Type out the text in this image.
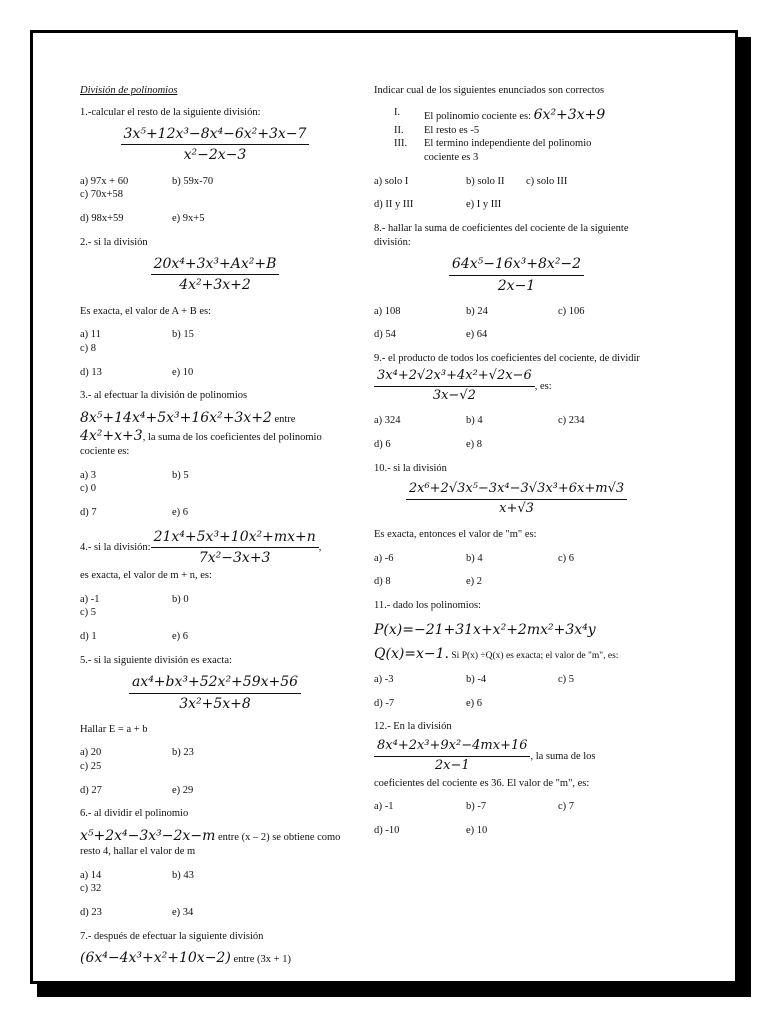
División de polinomios
1.-calcular el resto de la siguiente división:
$\frac{\text{3x⁵+12x³−8x⁴−6x²+3x−7}}{\text{x²−2x−3}}$
a) 97x + 60	b) 59x-70
c) 70x+58
d) 98x+59	e) 9x+5
2.- si la división
$\frac{\text{20x⁴+3x³+Ax²+B}}{\text{4x²+3x+2}}$
Es exacta, el valor de A + B es:
a) 11	b) 15
c) 8
d) 13	e) 10
3.- al efectuar la división de polinomios
8x⁵+14x⁴+5x³+16x²+3x+2 entre
4x²+x+3, la suma de los coeficientes del polinomio cociente es:
a) 3	b) 5
c) 0
d) 7	e) 6
4.- si la división: $\frac{\text{21x⁴+5x³+10x²+mx+n}}{\text{7x²−3x+3}}$ ,
es exacta, el valor de m + n, es:
a) -1	b) 0
c) 5
d) 1	e) 6
5.- si la siguiente división es exacta:
$\frac{\text{ax⁴+bx³+52x²+59x+56}}{\text{3x²+5x+8}}$
Hallar E = a + b
a) 20	b) 23
c) 25
d) 27	e) 29
6.- al dividir el polinomio
x⁵+2x⁴−3x³−2x−m entre (x – 2) se obtiene como resto 4, hallar el valor de m
a) 14	b) 43
c) 32
d) 23	e) 34
7.- después de efectuar la siguiente división
(6x⁴−4x³+x²+10x−2) entre (3x + 1)
Indicar cual de los siguientes enunciados son correctos
I.	El polinomio cociente es: 6x²+3x+9
II.	El resto es -5
III.	El termino independiente del polinomio cociente es 3
a) solo I	b) solo II	c) solo III
d) II y III	e) I y III
8.- hallar la suma de coeficientes del cociente de la siguiente división:
$\frac{\text{64x⁵−16x³+8x²−2}}{2x-1}$
a) 108	b) 24	c) 106
d) 54	e) 64
9.- el producto de todos los coeficientes del cociente, de dividir
$\frac{\text{3x⁴+2√2x³+4x²+√2x−6}}{3x-√2}$ , es:
a) 324	b) 4	c) 234
d) 6	e) 8
10.- si la división
$\frac{\text{2x⁶+2√3x⁵−3x⁴−3√3x³+6x+m√3}}{x+√3}$
Es exacta, entonces el valor de "m" es:
a) -6	b) 4	c) 6
d) 8	e) 2
11.- dado los polinomios:
P(x)=−21+31x+x²+2mx²+3x⁴y
Q(x)=x−1. Si P(x) ÷Q(x) es exacta; el valor de "m", es:
a) -3	b) -4	c) 5
d) -7	e) 6
12.- En la división
$\frac{\text{8x⁴+2x³+9x²−4mx+16}}{2x-1}$ , la suma de los
coeficientes del cociente es 36. El valor de "m", es:
a) -1	b) -7	c) 7
d) -10	e) 10
